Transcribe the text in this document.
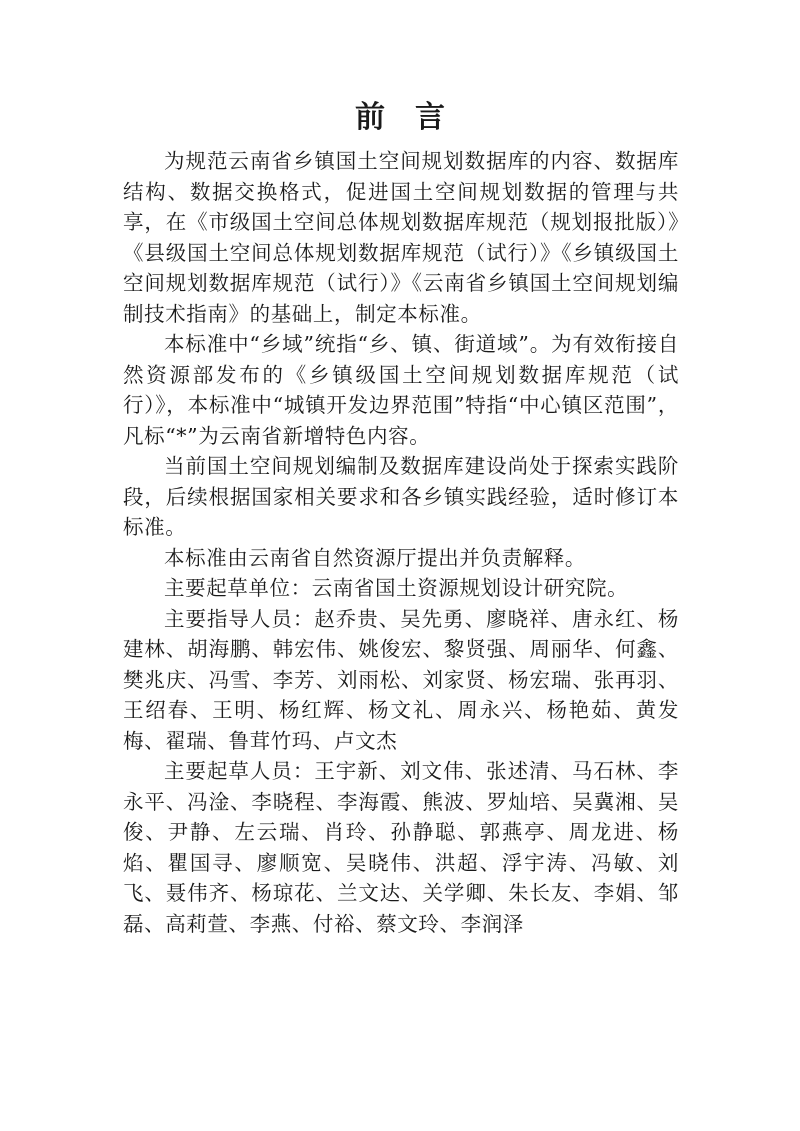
前　言

为规范云南省乡镇国土空间规划数据库的内容、数据库结构、数据交换格式，促进国土空间规划数据的管理与共享，在《市级国土空间总体规划数据库规范（规划报批版）》《县级国土空间总体规划数据库规范（试行）》《乡镇级国土空间规划数据库规范（试行）》《云南省乡镇国土空间规划编制技术指南》的基础上，制定本标准。

本标准中“乡域”统指“乡、镇、街道域”。为有效衔接自然资源部发布的《乡镇级国土空间规划数据库规范（试行）》，本标准中“城镇开发边界范围”特指“中心镇区范围”，凡标“*”为云南省新增特色内容。

当前国土空间规划编制及数据库建设尚处于探索实践阶段，后续根据国家相关要求和各乡镇实践经验，适时修订本标准。

本标准由云南省自然资源厅提出并负责解释。

主要起草单位：云南省国土资源规划设计研究院。

主要指导人员：赵乔贵、吴先勇、廖晓祥、唐永红、杨建林、胡海鹏、韩宏伟、姚俊宏、黎贤强、周丽华、何鑫、樊兆庆、冯雪、李芳、刘雨松、刘家贤、杨宏瑞、张再羽、王绍春、王明、杨红辉、杨文礼、周永兴、杨艳茹、黄发梅、翟瑞、鲁茸竹玛、卢文杰

主要起草人员：王宇新、刘文伟、张述清、马石林、李永平、冯淦、李晓程、李海霞、熊波、罗灿培、吴冀湘、吴俊、尹静、左云瑞、肖玲、孙静聪、郭燕亭、周龙进、杨焰、瞿国寻、廖顺宽、吴晓伟、洪超、浮宇涛、冯敏、刘飞、聂伟齐、杨琼花、兰文达、关学卿、朱长友、李娟、邹磊、高莉萱、李燕、付裕、蔡文玲、李润泽
